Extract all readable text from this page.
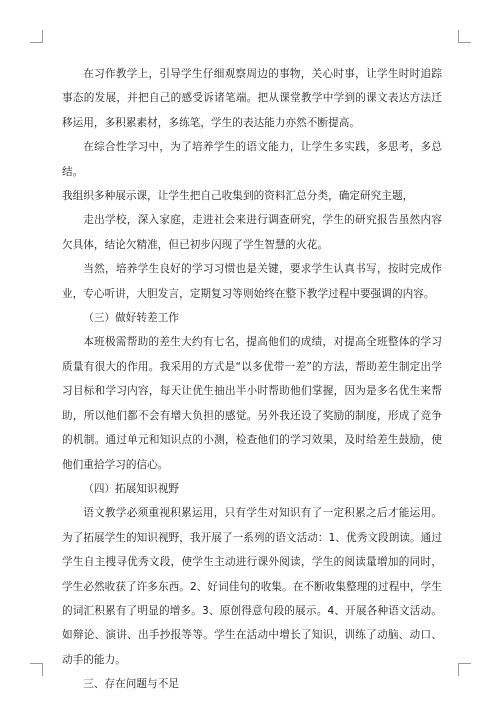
在习作教学上，引导学生仔细观察周边的事物，关心时事，让学生时时追踪事态的发展，并把自己的感受诉诸笔端。把从课堂教学中学到的课文表达方法迁移运用，多积累素材，多练笔，学生的表达能力亦然不断提高。

在综合性学习中，为了培养学生的语文能力，让学生多实践，多思考，多总结。

我组织多种展示课，让学生把自己收集到的资料汇总分类，确定研究主题，

走出学校，深入家庭，走进社会来进行调查研究，学生的研究报告虽然内容欠具体，结论欠精准，但已初步闪现了学生智慧的火花。

当然，培养学生良好的学习习惯也是关键，要求学生认真书写，按时完成作业，专心听讲，大胆发言，定期复习等则始终在整下教学过程中要强调的内容。

（三）做好转差工作

本班极需帮助的差生大约有七名，提高他们的成绩，对提高全班整体的学习质量有很大的作用。我采用的方式是“以多优带一差”的方法，帮助差生制定出学习目标和学习内容，每天让优生抽出半小时帮助他们掌握，因为是多名优生来帮助，所以他们都不会有增大负担的感觉。另外我还设了奖励的制度，形成了竞争的机制。通过单元和知识点的小测，检查他们的学习效果，及时给差生鼓励，使他们重拾学习的信心。

（四）拓展知识视野

语文教学必须重视积累运用，只有学生对知识有了一定积累之后才能运用。为了拓展学生的知识视野，我开展了一系列的语文活动：1、优秀文段朗读。通过学生自主搜寻优秀文段，使学生主动进行课外阅读，学生的阅读量增加的同时，学生必然收获了许多东西。2、好词佳句的收集。在不断收集整理的过程中，学生的词汇积累有了明显的增多。3、原创得意句段的展示。4、开展各种语文活动。如辩论、演讲、出手抄报等等。学生在活动中增长了知识，训练了动脑、动口、动手的能力。

三、存在问题与不足
